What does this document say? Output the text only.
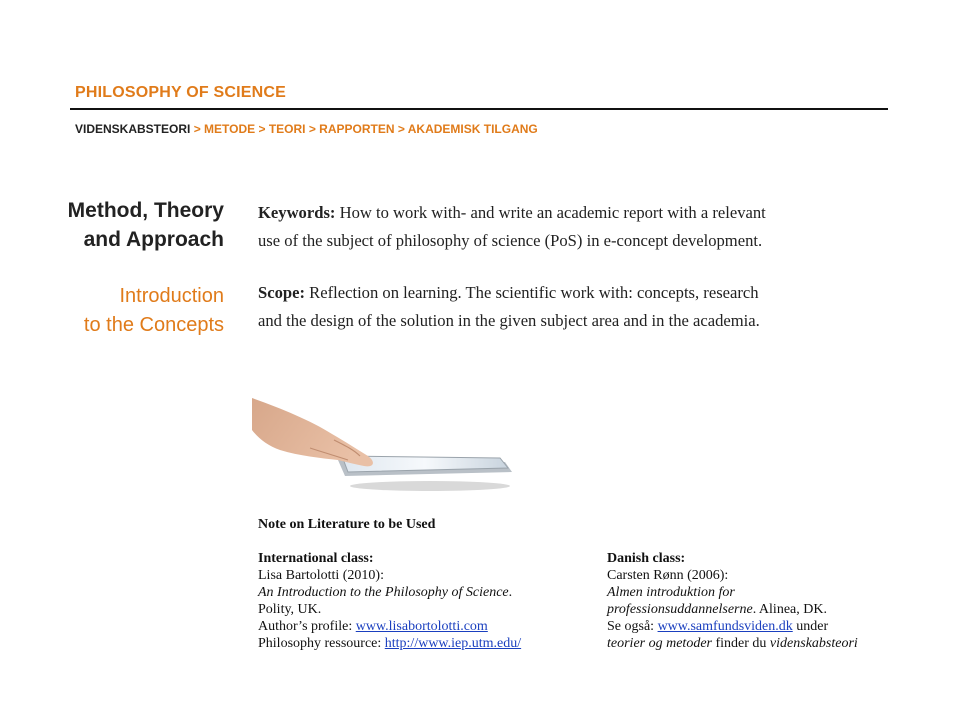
PHILOSOPHY OF SCIENCE
VIDENSKABSTEORI > METODE > TEORI > RAPPORTEN > AKADEMISK TILGANG
Method, Theory
and Approach
Introduction
to the Concepts
Keywords: How to work with- and write an academic report with a relevant
use of the subject of philosophy of science (PoS) in e-concept development.
Scope: Reflection on learning. The scientific work with: concepts, research
and the design of the solution in the given subject area and in the academia.
Note on Literature to be Used
International class:
Lisa Bartolotti (2010):
An Introduction to the Philosophy of Science.
Polity, UK.
Author’s profile: www.lisabortolotti.com
Philosophy ressource: http://www.iep.utm.edu/
Danish class:
Carsten Rønn (2006):
Almen introduktion for
professionsuddannelserne. Alinea, DK.
Se også: www.samfundsviden.dk under
teorier og metoder finder du videnskabsteori
